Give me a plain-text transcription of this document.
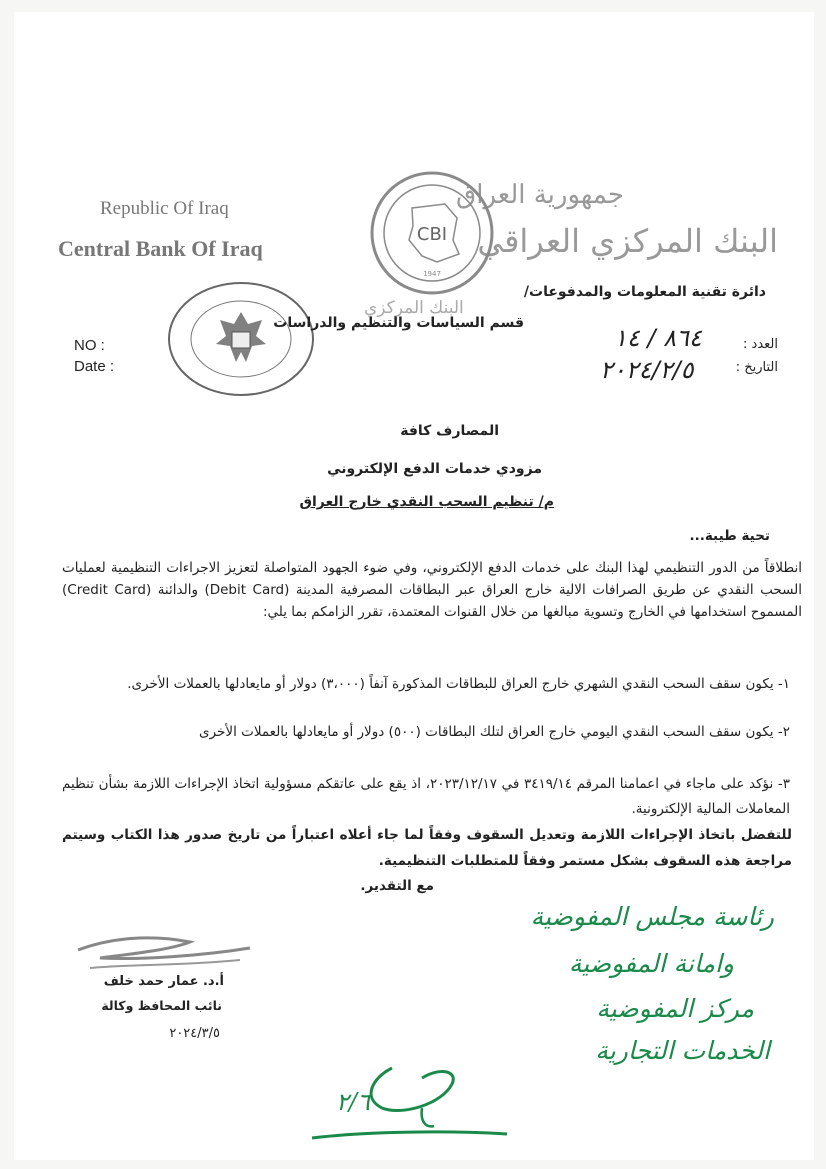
Republic Of Iraq
Central Bank Of Iraq
جمهورية العراق
البنك المركزي العراقي
CBI
1947
ﺍﻟﺒﻨﻚ ﺍﻟﻤﺮﻛﺰﻱ
دائرة تقنية المعلومات والمدفوعات/
قسم السياسات والتنظيم والدراسات
NO :
Date :
العدد :
التاريخ :
٨٦٤ / ١٤
٢٠٢٤/٢/٥
المصارف كافة
مزودي خدمات الدفع الإلكتروني
م/ تنظيم السحب النقدي خارج العراق
تحية طيبة...
انطلاقاً من الدور التنظيمي لهذا البنك على خدمات الدفع الإلكتروني، وفي ضوء الجهود المتواصلة لتعزيز الاجراءات التنظيمية لعمليات السحب النقدي عن طريق الصرافات الالية خارج العراق عبر البطاقات المصرفية المدينة (Debit Card) والدائنة (Credit Card) المسموح استخدامها في الخارج وتسوية مبالغها من خلال القنوات المعتمدة، تقرر الزامكم بما يلي:
١- يكون سقف السحب النقدي الشهري خارج العراق للبطاقات المذكورة آنفاً (٣،٠٠٠) دولار أو مايعادلها بالعملات الأخرى.
٢- يكون سقف السحب النقدي اليومي خارج العراق لتلك البطاقات (٥٠٠) دولار أو مايعادلها بالعملات الأخرى
٣- نؤكد على ماجاء في اعمامنا المرقم ٣٤١٩/١٤ في ٢٠٢٣/١٢/١٧، اذ يقع على عاتقكم مسؤولية اتخاذ الإجراءات اللازمة بشأن تنظيم المعاملات المالية الإلكترونية.
للتفضل باتخاذ الإجراءات اللازمة وتعديل السقوف وفقاً لما جاء أعلاه اعتباراً من تاريخ صدور هذا الكتاب وسيتم مراجعة هذه السقوف بشكل مستمر وفقاً للمتطلبات التنظيمية.
مع التقدير.
أ.د. عمار حمد خلف
نائب المحافظ وكالة
٢٠٢٤/٣/٥
رئاسة مجلس المفوضية
وامانة المفوضية
مركز المفوضية
الخدمات التجارية
٢/٦
